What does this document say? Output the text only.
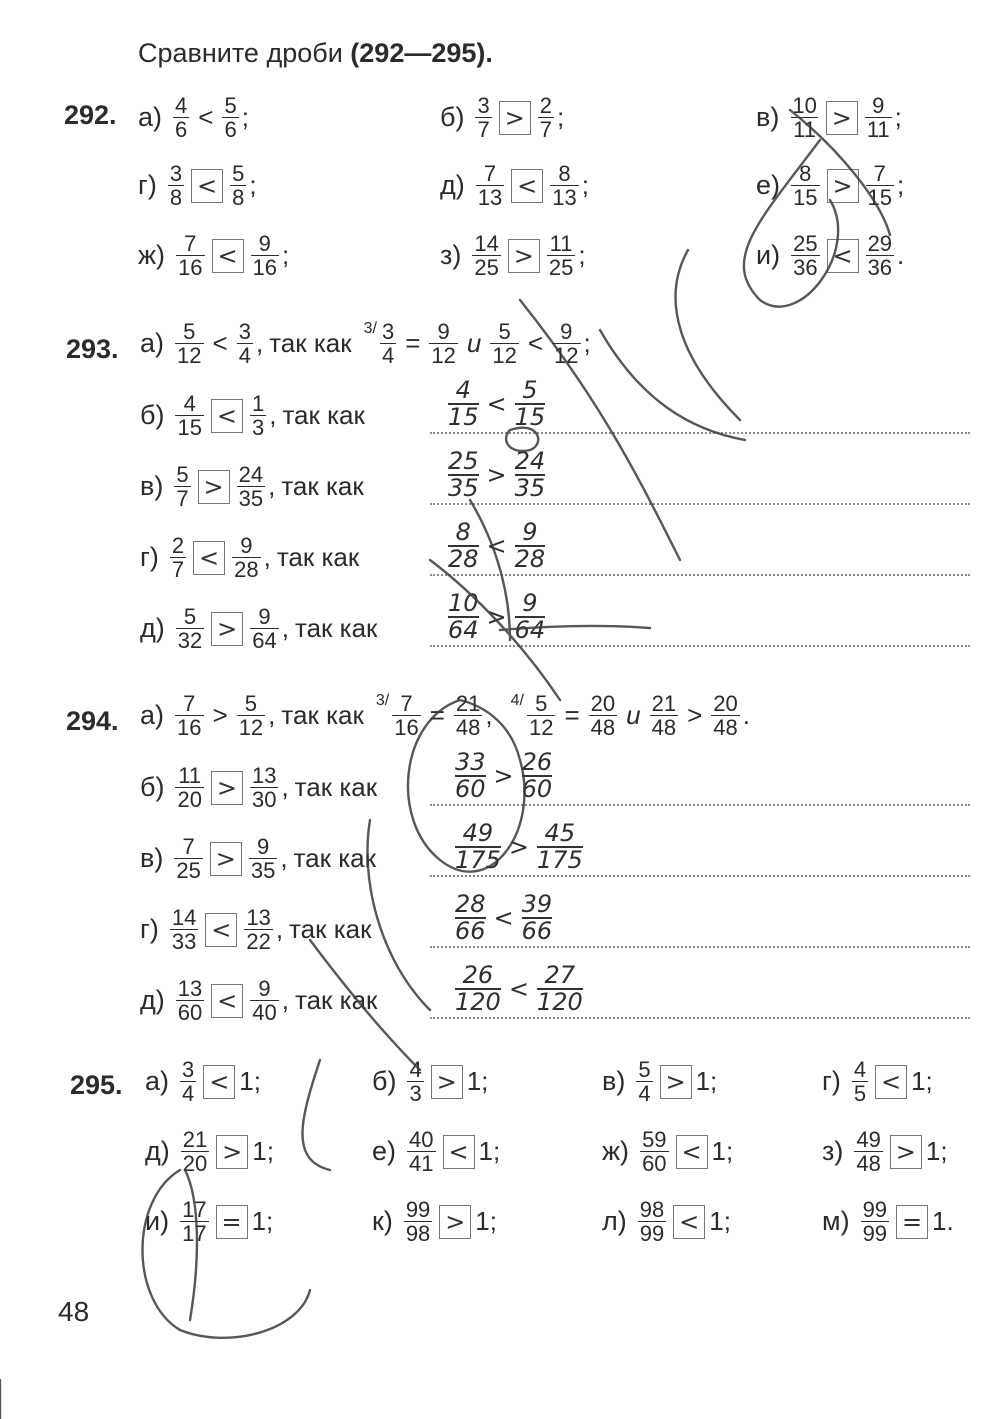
Сравните дроби (292—295).
292. $а) \frac{4}{6} < \frac{5}{6}$ ;	$б) \frac{3}{7} > \frac{2}{7}$ ;	$в) \frac{10}{11} > \frac{9}{11}$ ;
$г) \frac{3}{8} < \frac{5}{8}$ ;	$д) \frac{7}{13} < \frac{8}{13}$ ;	$е) \frac{8}{15} > \frac{7}{15}$ ;
$ж) \frac{7}{16} < \frac{9}{16}$ ;	$з) \frac{14}{25} > \frac{11}{25}$ ;	$и) \frac{25}{36} < \frac{29}{36}$ .
293. $а) \frac{5}{12} < \frac{3}{4}$ , так как $3/ \frac{3}{4} = \frac{9}{12}$ и $\frac{5}{12} < \frac{9}{12}$ ;
$б) \frac{4}{15} < \frac{1}{3}$ , так как	$\frac{4}{15} < \frac{5}{15}$
$в) \frac{5}{7} > \frac{24}{35}$ , так как	$\frac{25}{35} > \frac{24}{35}$
$г) \frac{2}{7} < \frac{9}{28}$ , так как	$\frac{8}{28} < \frac{9}{28}$
$д) \frac{5}{32} > \frac{9}{64}$ , так как	$\frac{10}{64} > \frac{9}{64}$
294. $а) \frac{7}{16} > \frac{5}{12}$ , так как $3/ \frac{7}{16} = \frac{21}{48}$ , $4/ \frac{5}{12} = \frac{20}{48}$ и $\frac{21}{48} > \frac{20}{48}$ .
$б) \frac{11}{20} > \frac{13}{30}$ , так как	$\frac{33}{60} > \frac{26}{60}$
$в) \frac{7}{25} > \frac{9}{35}$ , так как	$\frac{49}{175} > \frac{45}{175}$
$г) \frac{14}{33} < \frac{13}{22}$ , так как	$\frac{28}{66} < \frac{39}{66}$
$д) \frac{13}{60} < \frac{9}{40}$ , так как	$\frac{26}{120} < \frac{27}{120}$
295. $а) \frac{3}{4} < 1$;	$б) \frac{4}{3} > 1$;	$в) \frac{5}{4} > 1$;	$г) \frac{4}{5} < 1$;
$д) \frac{21}{20} > 1$;	$е) \frac{40}{41} < 1$;	$ж) \frac{59}{60} < 1$;	$з) \frac{49}{48} > 1$;
$и) \frac{17}{17} = 1$;	$к) \frac{99}{98} > 1$;	$л) \frac{98}{99} < 1$;	$м) \frac{99}{99} = 1$.
48
